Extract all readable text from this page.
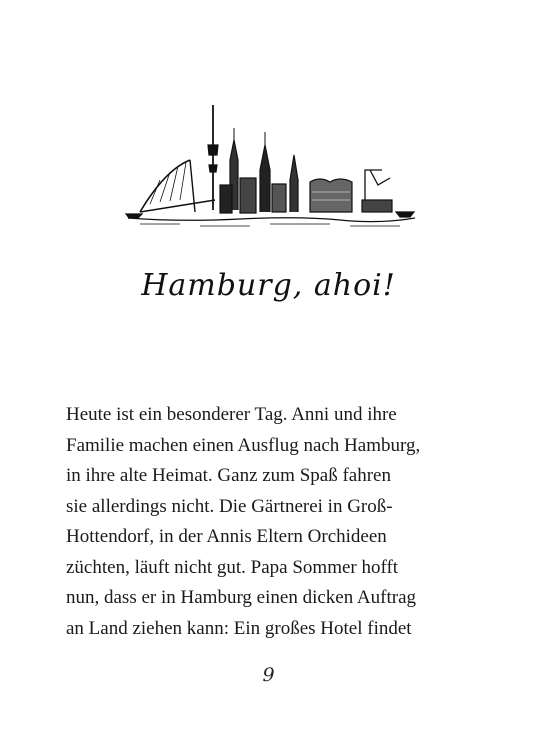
Hamburg, ahoi!
Heute ist ein besonderer Tag. Anni und ihre
Familie machen einen Ausflug nach Hamburg,
in ihre alte Heimat. Ganz zum Spaß fahren
sie allerdings nicht. Die Gärtnerei in Groß-
Hottendorf, in der Annis Eltern Orchideen
züchten, läuft nicht gut. Papa Sommer hofft
nun, dass er in Hamburg einen dicken Auftrag
an Land ziehen kann: Ein großes Hotel findet
9
